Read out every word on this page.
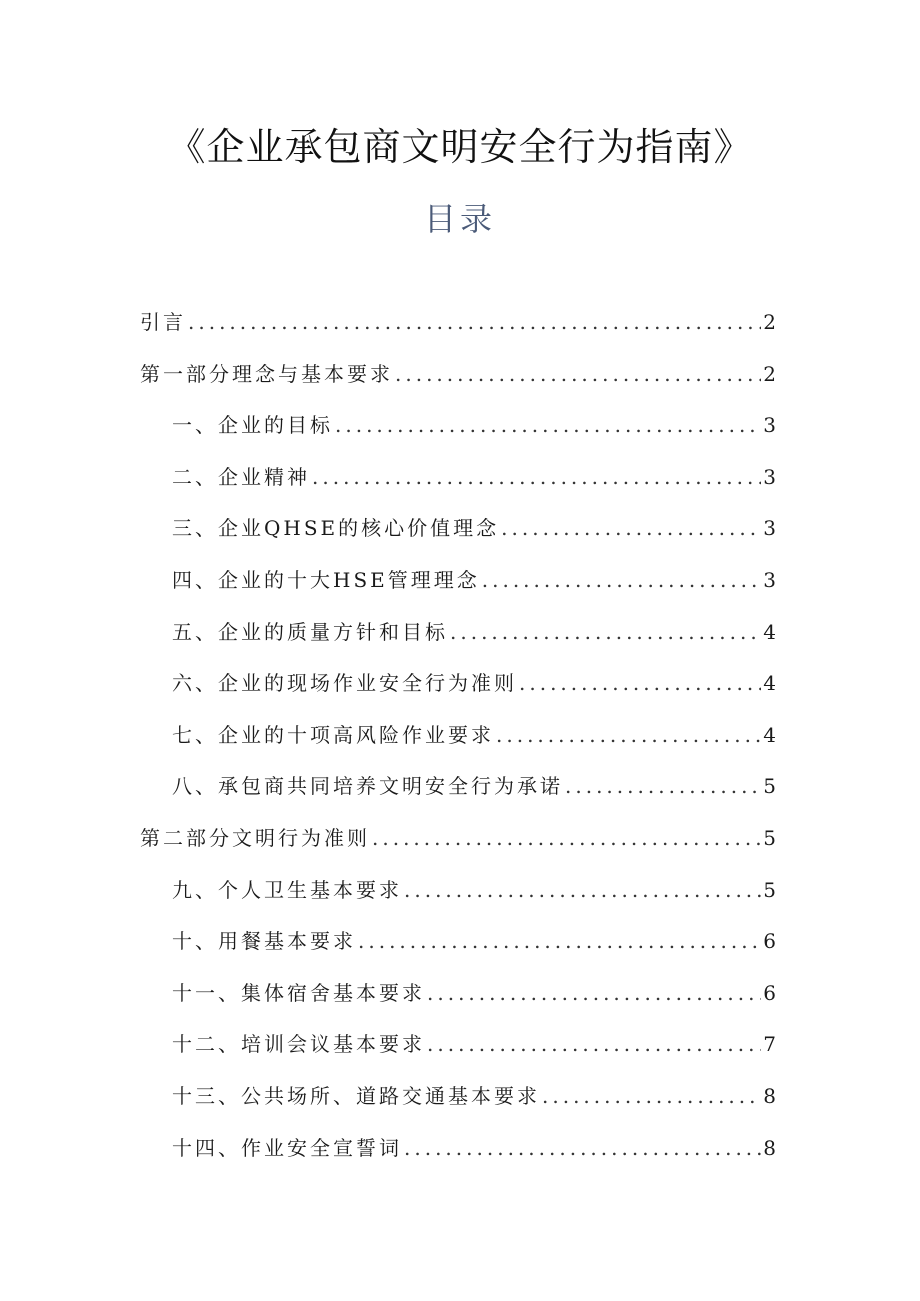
《企业承包商文明安全行为指南》
目录
引言 .....	2
第一部分理念与基本要求 .....	2
一、企业的目标 .....	3
二、企业精神 .....	3
三、企业QHSE的核心价值理念 .....	3
四、企业的十大HSE管理理念 .....	3
五、企业的质量方针和目标 .....	4
六、企业的现场作业安全行为准则 .....	4
七、企业的十项高风险作业要求 .....	4
八、承包商共同培养文明安全行为承诺 .....	5
第二部分文明行为准则 .....	5
九、个人卫生基本要求 .....	5
十、用餐基本要求 .....	6
十一、集体宿舍基本要求 .....	6
十二、培训会议基本要求 .....	7
十三、公共场所、道路交通基本要求 .....	8
十四、作业安全宣誓词 .....	8
